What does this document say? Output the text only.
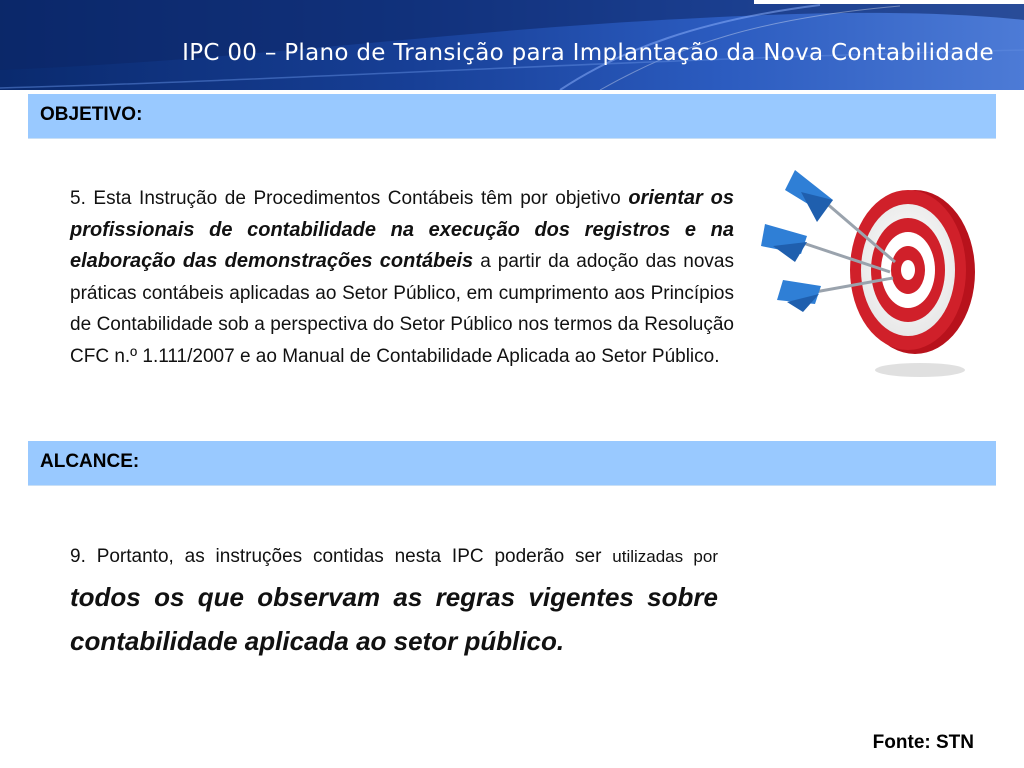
IPC 00 – Plano de Transição para Implantação da Nova Contabilidade
OBJETIVO:
5. Esta Instrução de Procedimentos Contábeis têm por objetivo orientar os profissionais de contabilidade na execução dos registros e na elaboração das demonstrações contábeis a partir da adoção das novas práticas contábeis aplicadas ao Setor Público, em cumprimento aos Princípios de Contabilidade sob a perspectiva do Setor Público nos termos da Resolução CFC n.º 1.111/2007 e ao Manual de Contabilidade Aplicada ao Setor Público.
ALCANCE:
9. Portanto, as instruções contidas nesta IPC poderão ser utilizadas por todos os que observam as regras vigentes sobre contabilidade aplicada ao setor público.
Fonte: STN
